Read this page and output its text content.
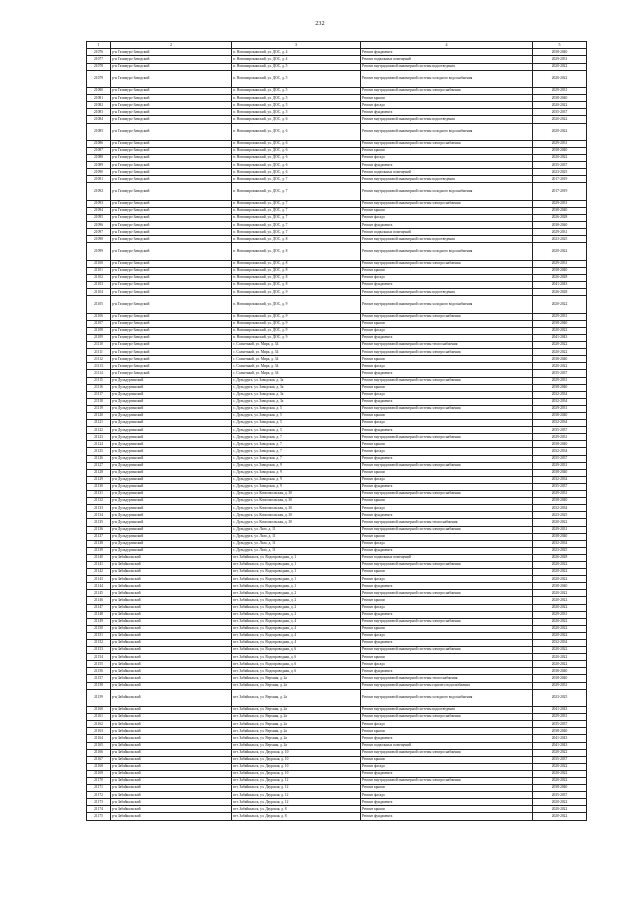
232
1	2	3	4	5
21076	р-н Газимуро-Заводский	п. Новоширокинский, ул. ДОС, д. 4	Ремонт фундамента	2038-2040
21077	р-н Газимуро-Заводский	п. Новоширокинский, ул. ДОС, д. 4	Ремонт подвальных помещений	2029-2031
21078	р-н Газимуро-Заводский	п. Новоширокинский, ул. ДОС, д. 5	Ремонт внутридомовой инженерной системы водоотведения	2020-2022
21079	р-н Газимуро-Заводский	п. Новоширокинский, ул. ДОС, д. 5	Ремонт внутридомовой инженерной системы холодного водоснабжения	2020-2022
21080	р-н Газимуро-Заводский	п. Новоширокинский, ул. ДОС, д. 5	Ремонт внутридомовой инженерной системы электроснабжения	2029-2031
21081	р-н Газимуро-Заводский	п. Новоширокинский, ул. ДОС, д. 5	Ремонт крыши	2038-2040
21082	р-н Газимуро-Заводский	п. Новоширокинский, ул. ДОС, д. 5	Ремонт фасада	2020-2022
21083	р-н Газимуро-Заводский	п. Новоширокинский, ул. ДОС, д. 5	Ремонт фундамента	2035-2037
21084	р-н Газимуро-Заводский	п. Новоширокинский, ул. ДОС, д. 6	Ремонт внутридомовой инженерной системы водоотведения	2020-2022
21085	р-н Газимуро-Заводский	п. Новоширокинский, ул. ДОС, д. 6	Ремонт внутридомовой инженерной системы холодного водоснабжения	2020-2022
21086	р-н Газимуро-Заводский	п. Новоширокинский, ул. ДОС, д. 6	Ремонт внутридомовой инженерной системы электроснабжения	2029-2031
21087	р-н Газимуро-Заводский	п. Новоширокинский, ул. ДОС, д. 6	Ремонт крыши	2038-2040
21088	р-н Газимуро-Заводский	п. Новоширокинский, ул. ДОС, д. 6	Ремонт фасада	2020-2022
21089	р-н Газимуро-Заводский	п. Новоширокинский, ул. ДОС, д. 6	Ремонт фундамента	2035-2037
21090	р-н Газимуро-Заводский	п. Новоширокинский, ул. ДОС, д. 6	Ремонт подвальных помещений	2023-2025
21091	р-н Газимуро-Заводский	п. Новоширокинский, ул. ДОС, д. 7	Ремонт внутридомовой инженерной системы водоотведения	2017-2019
21092	р-н Газимуро-Заводский	п. Новоширокинский, ул. ДОС, д. 7	Ремонт внутридомовой инженерной системы холодного водоснабжения	2017-2019
21093	р-н Газимуро-Заводский	п. Новоширокинский, ул. ДОС, д. 7	Ремонт внутридомовой инженерной системы электроснабжения	2029-2031
21094	р-н Газимуро-Заводский	п. Новоширокинский, ул. ДОС, д. 7	Ремонт крыши	2038-2040
21095	р-н Газимуро-Заводский	п. Новоширокинский, ул. ДОС, д. 7	Ремонт фасада	2026-2028
21096	р-н Газимуро-Заводский	п. Новоширокинский, ул. ДОС, д. 7	Ремонт фундамента	2038-2040
21097	р-н Газимуро-Заводский	п. Новоширокинский, ул. ДОС, д. 7	Ремонт подвальных помещений	2029-2031
21098	р-н Газимуро-Заводский	п. Новоширокинский, ул. ДОС, д. 8	Ремонт внутридомовой инженерной системы водоотведения	2023-2025
21099	р-н Газимуро-Заводский	п. Новоширокинский, ул. ДОС, д. 8	Ремонт внутридомовой инженерной системы холодного водоснабжения	2020-2022
21100	р-н Газимуро-Заводский	п. Новоширокинский, ул. ДОС, д. 8	Ремонт внутридомовой инженерной системы электроснабжения	2029-2031
21101	р-н Газимуро-Заводский	п. Новоширокинский, ул. ДОС, д. 8	Ремонт крыши	2038-2040
21102	р-н Газимуро-Заводский	п. Новоширокинский, ул. ДОС, д. 8	Ремонт фасада	2026-2028
21103	р-н Газимуро-Заводский	п. Новоширокинский, ул. ДОС, д. 8	Ремонт фундамента	2041-2043
21104	р-н Газимуро-Заводский	п. Новоширокинский, ул. ДОС, д. 9	Ремонт внутридомовой инженерной системы водоотведения	2026-2028
21105	р-н Газимуро-Заводский	п. Новоширокинский, ул. ДОС, д. 9	Ремонт внутридомовой инженерной системы холодного водоснабжения	2020-2022
21106	р-н Газимуро-Заводский	п. Новоширокинский, ул. ДОС, д. 9	Ремонт внутридомовой инженерной системы электроснабжения	2029-2031
21107	р-н Газимуро-Заводский	п. Новоширокинский, ул. ДОС, д. 9	Ремонт крыши	2038-2040
21108	р-н Газимуро-Заводский	п. Новоширокинский, ул. ДОС, д. 9	Ремонт фасада	2020-2022
21109	р-н Газимуро-Заводский	п. Новоширокинский, ул. ДОС, д. 9	Ремонт фундамента	2041-2043
21110	р-н Газимуро-Заводский	с. Солнечный, ул. Мира, д. 34	Ремонт внутридомовой инженерной системы теплоснабжения	2020-2022
21111	р-н Газимуро-Заводский	с. Солнечный, ул. Мира, д. 34	Ремонт внутридомовой инженерной системы электроснабжения	2020-2022
21112	р-н Газимуро-Заводский	с. Солнечный, ул. Мира, д. 34	Ремонт крыши	2038-2040
21113	р-н Газимуро-Заводский	с. Солнечный, ул. Мира, д. 34	Ремонт фасада	2020-2022
21114	р-н Газимуро-Заводский	с. Солнечный, ул. Мира, д. 34	Ремонт фундамента	2035-2037
21115	р-н Дульдургинский	с. Дульдурга, ул. Заводская, д. 3а	Ремонт внутридомовой инженерной системы электроснабжения	2029-2031
21116	р-н Дульдургинский	с. Дульдурга, ул. Заводская, д. 3а	Ремонт крыши	2038-2040
21117	р-н Дульдургинский	с. Дульдурга, ул. Заводская, д. 3а	Ремонт фасада	2032-2034
21118	р-н Дульдургинский	с. Дульдурга, ул. Заводская, д. 3а	Ремонт фундамента	2032-2034
21119	р-н Дульдургинский	с. Дульдурга, ул. Заводская, д. 5	Ремонт внутридомовой инженерной системы электроснабжения	2029-2031
21120	р-н Дульдургинский	с. Дульдурга, ул. Заводская, д. 5	Ремонт крыши	2038-2040
21121	р-н Дульдургинский	с. Дульдурга, ул. Заводская, д. 5	Ремонт фасада	2032-2034
21122	р-н Дульдургинский	с. Дульдурга, ул. Заводская, д. 5	Ремонт фундамента	2035-2037
21123	р-н Дульдургинский	с. Дульдурга, ул. Заводская, д. 7	Ремонт внутридомовой инженерной системы электроснабжения	2029-2031
21124	р-н Дульдургинский	с. Дульдурга, ул. Заводская, д. 7	Ремонт крыши	2038-2040
21125	р-н Дульдургинский	с. Дульдурга, ул. Заводская, д. 7	Ремонт фасада	2032-2034
21126	р-н Дульдургинский	с. Дульдурга, ул. Заводская, д. 7	Ремонт фундамента	2035-2037
21127	р-н Дульдургинский	с. Дульдурга, ул. Заводская, д. 9	Ремонт внутридомовой инженерной системы электроснабжения	2029-2031
21128	р-н Дульдургинский	с. Дульдурга, ул. Заводская, д. 9	Ремонт крыши	2038-2040
21129	р-н Дульдургинский	с. Дульдурга, ул. Заводская, д. 9	Ремонт фасада	2032-2034
21130	р-н Дульдургинский	с. Дульдурга, ул. Заводская, д. 9	Ремонт фундамента	2035-2037
21131	р-н Дульдургинский	с. Дульдурга, ул. Комсомольская, д. 30	Ремонт внутридомовой инженерной системы электроснабжения	2029-2031
21132	р-н Дульдургинский	с. Дульдурга, ул. Комсомольская, д. 30	Ремонт крыши	2038-2040
21133	р-н Дульдургинский	с. Дульдурга, ул. Комсомольская, д. 30	Ремонт фасада	2032-2034
21134	р-н Дульдургинский	с. Дульдурга, ул. Комсомольская, д. 30	Ремонт фундамента	2023-2025
21135	р-н Дульдургинский	с. Дульдурга, ул. Комсомольская, д. 30	Ремонт внутридомовой инженерной системы теплоснабжения	2020-2022
21136	р-н Дульдургинский	с. Дульдурга, ул. Лазо, д. 11	Ремонт внутридомовой инженерной системы электроснабжения	2029-2031
21137	р-н Дульдургинский	с. Дульдурга, ул. Лазо, д. 11	Ремонт крыши	2038-2040
21138	р-н Дульдургинский	с. Дульдурга, ул. Лазо, д. 11	Ремонт фасада	2032-2034
21139	р-н Дульдургинский	с. Дульдурга, ул. Лазо, д. 11	Ремонт фундамента	2023-2025
21140	р-н Забайкальский	пгт. Забайкальск, ул. Водопроводная, д. 1	Ремонт подвальных помещений	2026-2028
21141	р-н Забайкальский	пгт. Забайкальск, ул. Водопроводная, д. 1	Ремонт внутридомовой инженерной системы электроснабжения	2020-2022
21142	р-н Забайкальский	пгт. Забайкальск, ул. Водопроводная, д. 1	Ремонт крыши	2020-2022
21143	р-н Забайкальский	пгт. Забайкальск, ул. Водопроводная, д. 1	Ремонт фасада	2020-2022
21144	р-н Забайкальский	пгт. Забайкальск, ул. Водопроводная, д. 1	Ремонт фундамента	2038-2040
21145	р-н Забайкальский	пгт. Забайкальск, ул. Водопроводная, д. 2	Ремонт внутридомовой инженерной системы электроснабжения	2020-2022
21146	р-н Забайкальский	пгт. Забайкальск, ул. Водопроводная, д. 2	Ремонт крыши	2020-2022
21147	р-н Забайкальский	пгт. Забайкальск, ул. Водопроводная, д. 2	Ремонт фасада	2020-2022
21148	р-н Забайкальский	пгт. Забайкальск, ул. Водопроводная, д. 2	Ремонт фундамента	2029-2031
21149	р-н Забайкальский	пгт. Забайкальск, ул. Водопроводная, д. 4	Ремонт внутридомовой инженерной системы электроснабжения	2020-2022
21150	р-н Забайкальский	пгт. Забайкальск, ул. Водопроводная, д. 4	Ремонт крыши	2020-2022
21151	р-н Забайкальский	пгт. Забайкальск, ул. Водопроводная, д. 4	Ремонт фасада	2020-2022
21152	р-н Забайкальский	пгт. Забайкальск, ул. Водопроводная, д. 4	Ремонт фундамента	2032-2034
21153	р-н Забайкальский	пгт. Забайкальск, ул. Водопроводная, д. 6	Ремонт внутридомовой инженерной системы электроснабжения	2020-2022
21154	р-н Забайкальский	пгт. Забайкальск, ул. Водопроводная, д. 6	Ремонт крыши	2020-2022
21155	р-н Забайкальский	пгт. Забайкальск, ул. Водопроводная, д. 6	Ремонт фасада	2020-2022
21156	р-н Забайкальский	пгт. Забайкальск, ул. Водопроводная, д. 6	Ремонт фундамента	2038-2040
21157	р-н Забайкальский	пгт. Забайкальск, ул. Верхняя, д. 2а	Ремонт внутридомовой инженерной системы теплоснабжения	2038-2040
21158	р-н Забайкальский	пгт. Забайкальск, ул. Верхняя, д. 2а	Ремонт внутридомовой инженерной системы горячего водоснабжения	2029-2031
21159	р-н Забайкальский	пгт. Забайкальск, ул. Верхняя, д. 2а	Ремонт внутридомовой инженерной системы холодного водоснабжения	2023-2025
21160	р-н Забайкальский	пгт. Забайкальск, ул. Верхняя, д. 2а	Ремонт внутридомовой инженерной системы водоотведения	2041-2043
21161	р-н Забайкальский	пгт. Забайкальск, ул. Верхняя, д. 2а	Ремонт внутридомовой инженерной системы электроснабжения	2029-2031
21162	р-н Забайкальский	пгт. Забайкальск, ул. Верхняя, д. 2а	Ремонт фасада	2035-2037
21163	р-н Забайкальский	пгт. Забайкальск, ул. Верхняя, д. 2а	Ремонт крыши	2038-2040
21164	р-н Забайкальский	пгт. Забайкальск, ул. Верхняя, д. 2а	Ремонт фундамента	2041-2043
21165	р-н Забайкальский	пгт. Забайкальск, ул. Верхняя, д. 2а	Ремонт подвальных помещений	2041-2043
21166	р-н Забайкальский	пгт. Забайкальск, ул. Даурская, д. 10	Ремонт внутридомовой инженерной системы электроснабжения	2020-2022
21167	р-н Забайкальский	пгт. Забайкальск, ул. Даурская, д. 10	Ремонт крыши	2035-2037
21168	р-н Забайкальский	пгт. Забайкальск, ул. Даурская, д. 10	Ремонт фасада	2020-2022
21169	р-н Забайкальский	пгт. Забайкальск, ул. Даурская, д. 10	Ремонт фундамента	2020-2022
21170	р-н Забайкальский	пгт. Забайкальск, ул. Даурская, д. 12	Ремонт внутридомовой инженерной системы электроснабжения	2020-2022
21171	р-н Забайкальский	пгт. Забайкальск, ул. Даурская, д. 12	Ремонт крыши	2038-2040
21172	р-н Забайкальский	пгт. Забайкальск, ул. Даурская, д. 12	Ремонт фасада	2035-2037
21173	р-н Забайкальский	пгт. Забайкальск, ул. Даурская, д. 12	Ремонт фундамента	2020-2022
21174	р-н Забайкальский	пгт. Забайкальск, ул. Даурская, д. 8	Ремонт крыши	2020-2022
21175	р-н Забайкальский	пгт. Забайкальск, ул. Даурская, д. 8	Ремонт фундамента	2020-2022
